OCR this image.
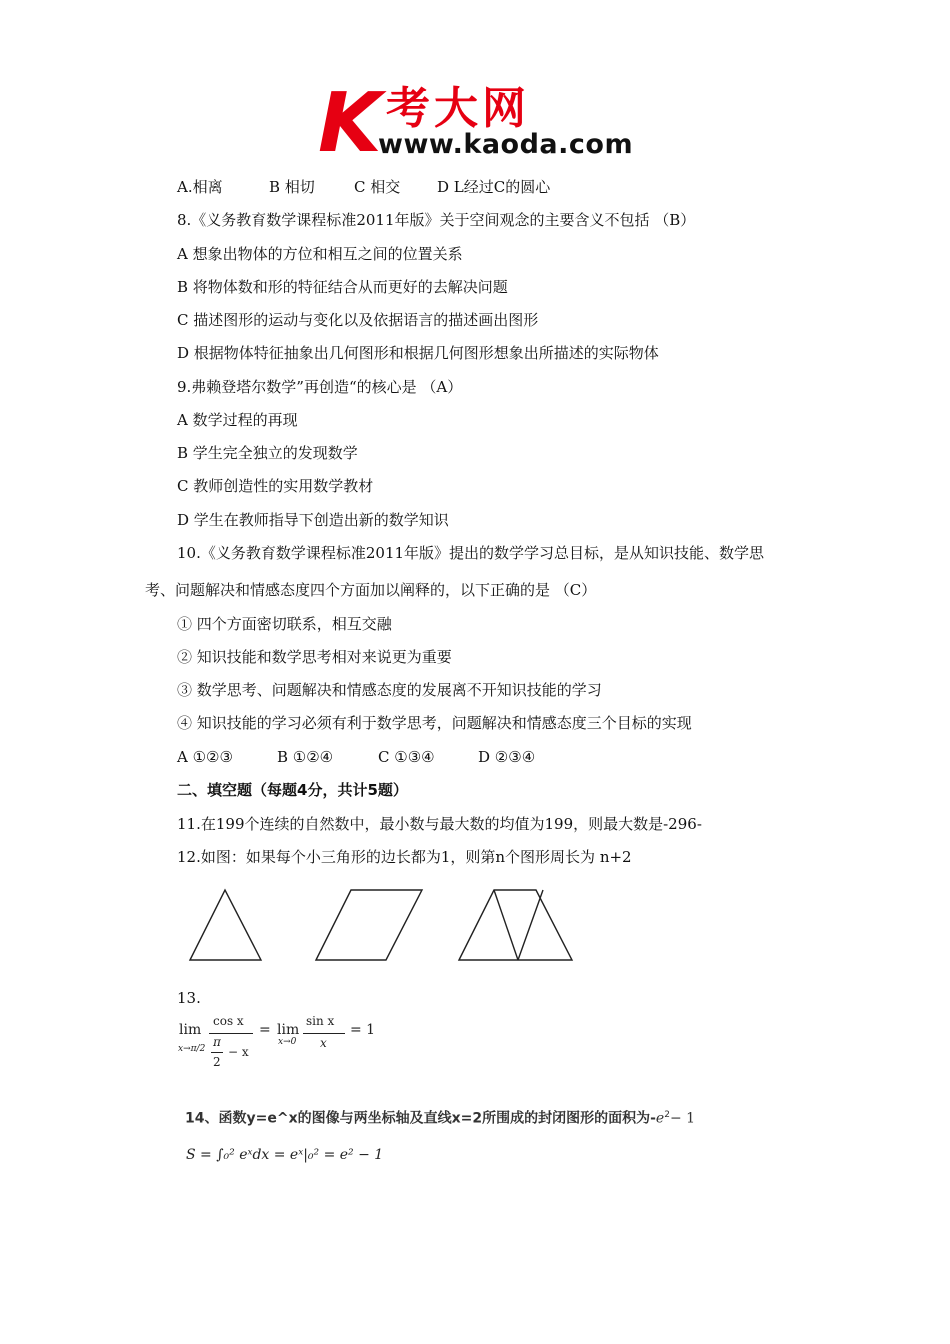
K 考大网
www.kaoda.com
A.相离	B 相切	C 相交 D L经过C的圆心
8.《义务教育数学课程标准2011年版》关于空间观念的主要含义不包括 （B）
A 想象出物体的方位和相互之间的位置关系
B 将物体数和形的特征结合从而更好的去解决问题
C 描述图形的运动与变化以及依据语言的描述画出图形
D 根据物体特征抽象出几何图形和根据几何图形想象出所描述的实际物体
9.弗赖登塔尔数学”再创造“的核心是 （A）
A 数学过程的再现
B 学生完全独立的发现数学
C 教师创造性的实用数学教材
D 学生在教师指导下创造出新的数学知识
10.《义务教育数学课程标准2011年版》提出的数学学习总目标，是从知识技能、数学思
考、问题解决和情感态度四个方面加以阐释的，以下正确的是 （C）
① 四个方面密切联系，相互交融
② 知识技能和数学思考相对来说更为重要
③ 数学思考、问题解决和情感态度的发展离不开知识技能的学习
④ 知识技能的学习必须有利于数学思考，问题解决和情感态度三个目标的实现
A ①②③	B ①②④	C ①③④	D ②③④
二、填空题（每题4分，共计5题）
11.在199个连续的自然数中，最小数与最大数的均值为199，则最大数是-296-
12.如图：如果每个小三角形的边长都为1，则第n个图形周长为 n+2
13.
lim
x→π/2
cos x
π
2
− x
= lim
x→0
sin x
x
= 1
14、函数y=e^x的图像与两坐标轴及直线x=2所围成的封闭图形的面积为$-e^2- 1$
S = ∫₀² eˣdx = eˣ|₀² = e² − 1
